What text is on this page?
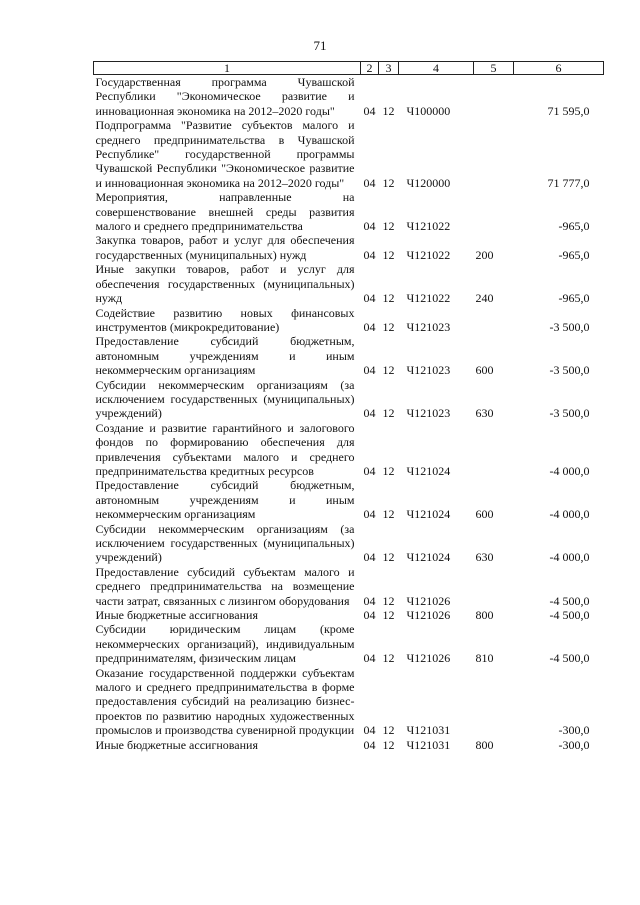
71
1	2	3	4	5	6
Государственная программа Чувашской Республики "Экономическое развитие и инновационная экономика на 2012–2020 годы"	04	12	Ч100000		71 595,0
Подпрограмма "Развитие субъектов малого и среднего предпринимательства в Чувашской Республике" государственной программы Чувашской Республики "Экономическое развитие и инновационная экономика на 2012–2020 годы"	04	12	Ч120000		71 777,0
Мероприятия, направленные на совершенствование внешней среды развития малого и среднего предпринимательства	04	12	Ч121022		-965,0
Закупка товаров, работ и услуг для обеспечения государственных (муниципальных) нужд	04	12	Ч121022	200	-965,0
Иные закупки товаров, работ и услуг для обеспечения государственных (муниципальных) нужд	04	12	Ч121022	240	-965,0
Содействие развитию новых финансовых инструментов (микрокредитование)	04	12	Ч121023		-3 500,0
Предоставление субсидий бюджетным, автономным учреждениям и иным некоммерческим организациям	04	12	Ч121023	600	-3 500,0
Субсидии некоммерческим организациям (за исключением государственных (муниципальных) учреждений)	04	12	Ч121023	630	-3 500,0
Создание и развитие гарантийного и залогового фондов по формированию обеспечения для привлечения субъектами малого и среднего предпринимательства кредитных ресурсов	04	12	Ч121024		-4 000,0
Предоставление субсидий бюджетным, автономным учреждениям и иным некоммерческим организациям	04	12	Ч121024	600	-4 000,0
Субсидии некоммерческим организациям (за исключением государственных (муниципальных) учреждений)	04	12	Ч121024	630	-4 000,0
Предоставление субсидий субъектам малого и среднего предпринимательства на возмещение части затрат, связанных с лизингом оборудования	04	12	Ч121026		-4 500,0
Иные бюджетные ассигнования	04	12	Ч121026	800	-4 500,0
Субсидии юридическим лицам (кроме некоммерческих организаций), индивидуальным предпринимателям, физическим лицам	04	12	Ч121026	810	-4 500,0
Оказание государственной поддержки субъектам малого и среднего предпринимательства в форме предоставления субсидий на реализацию бизнес-проектов по развитию народных художественных промыслов и производства сувенирной продукции	04	12	Ч121031		-300,0
Иные бюджетные ассигнования	04	12	Ч121031	800	-300,0
